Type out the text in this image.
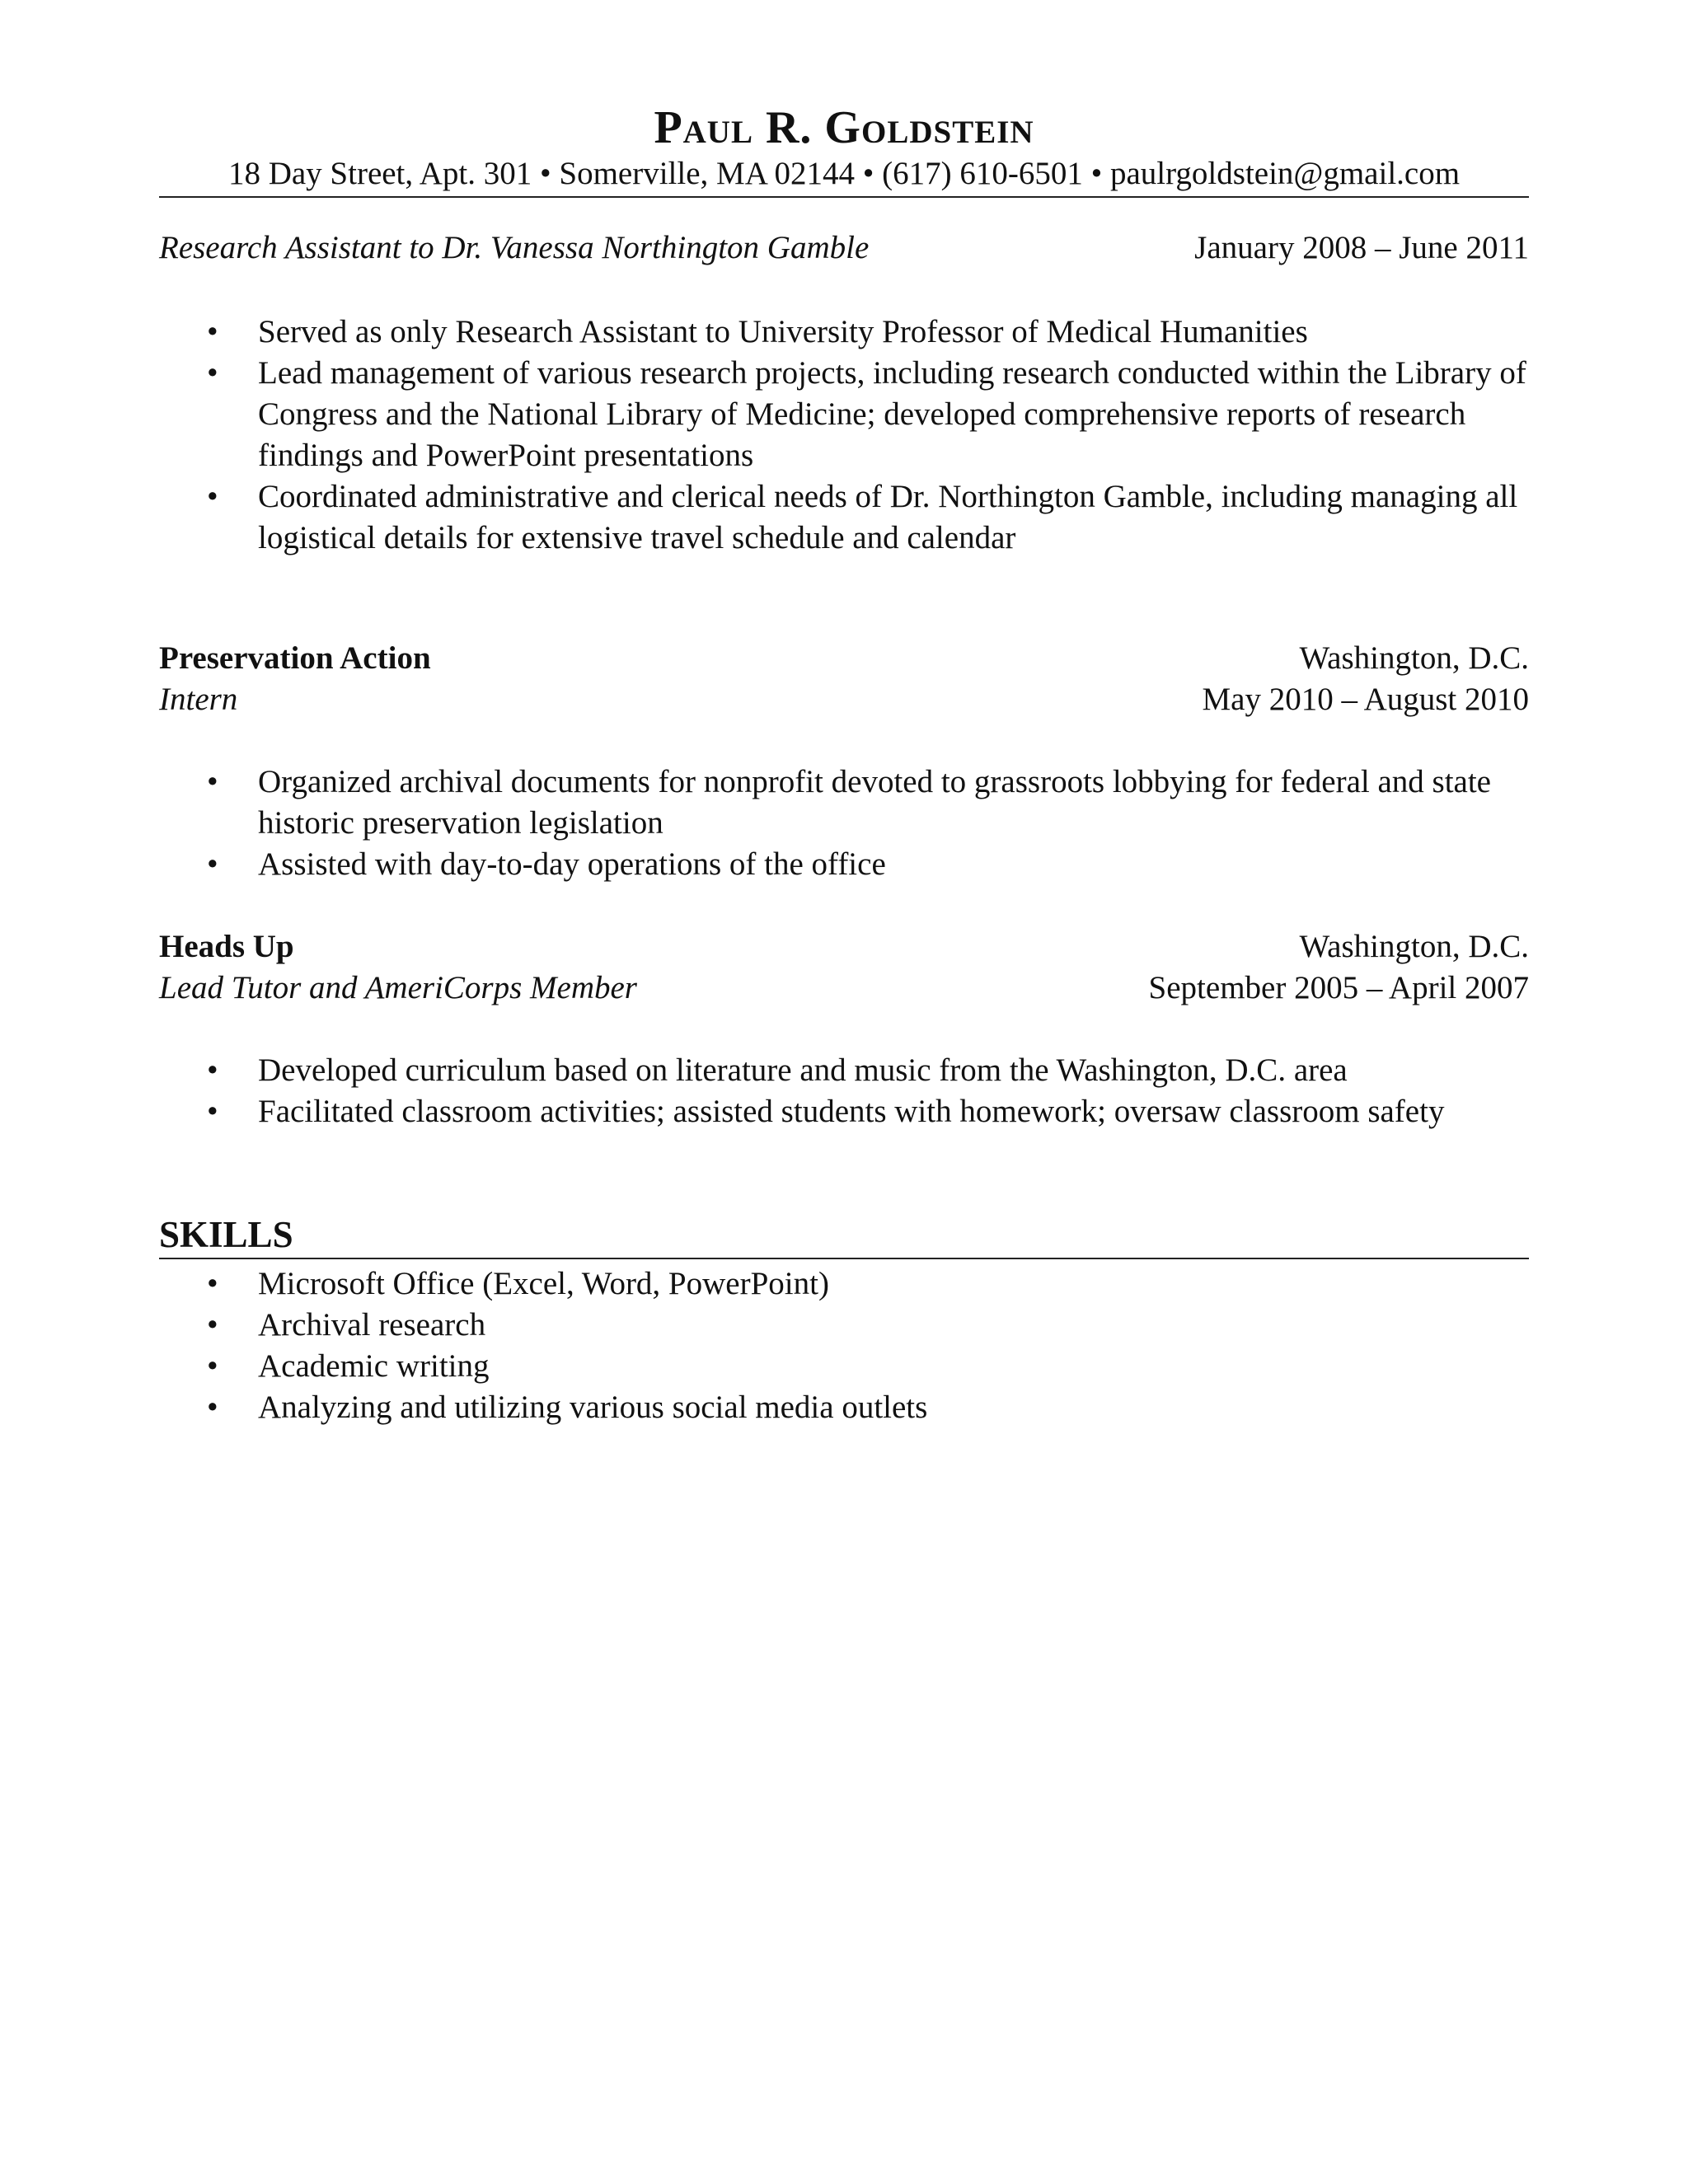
Paul R. Goldstein
18 Day Street, Apt. 301 • Somerville, MA 02144 • (617) 610-6501 • paulrgoldstein@gmail.com
Research Assistant to Dr. Vanessa Northington Gamble	January 2008 – June 2011
• Served as only Research Assistant to University Professor of Medical Humanities
• Lead management of various research projects, including research conducted within the Library of Congress and the National Library of Medicine; developed comprehensive reports of research findings and PowerPoint presentations
• Coordinated administrative and clerical needs of Dr. Northington Gamble, including managing all logistical details for extensive travel schedule and calendar
Preservation Action	Washington, D.C.
Intern	May 2010 – August 2010
• Organized archival documents for nonprofit devoted to grassroots lobbying for federal and state historic preservation legislation
• Assisted with day-to-day operations of the office
Heads Up	Washington, D.C.
Lead Tutor and AmeriCorps Member	September 2005 – April 2007
• Developed curriculum based on literature and music from the Washington, D.C. area
• Facilitated classroom activities; assisted students with homework; oversaw classroom safety
SKILLS
• Microsoft Office (Excel, Word, PowerPoint)
• Archival research
• Academic writing
• Analyzing and utilizing various social media outlets
